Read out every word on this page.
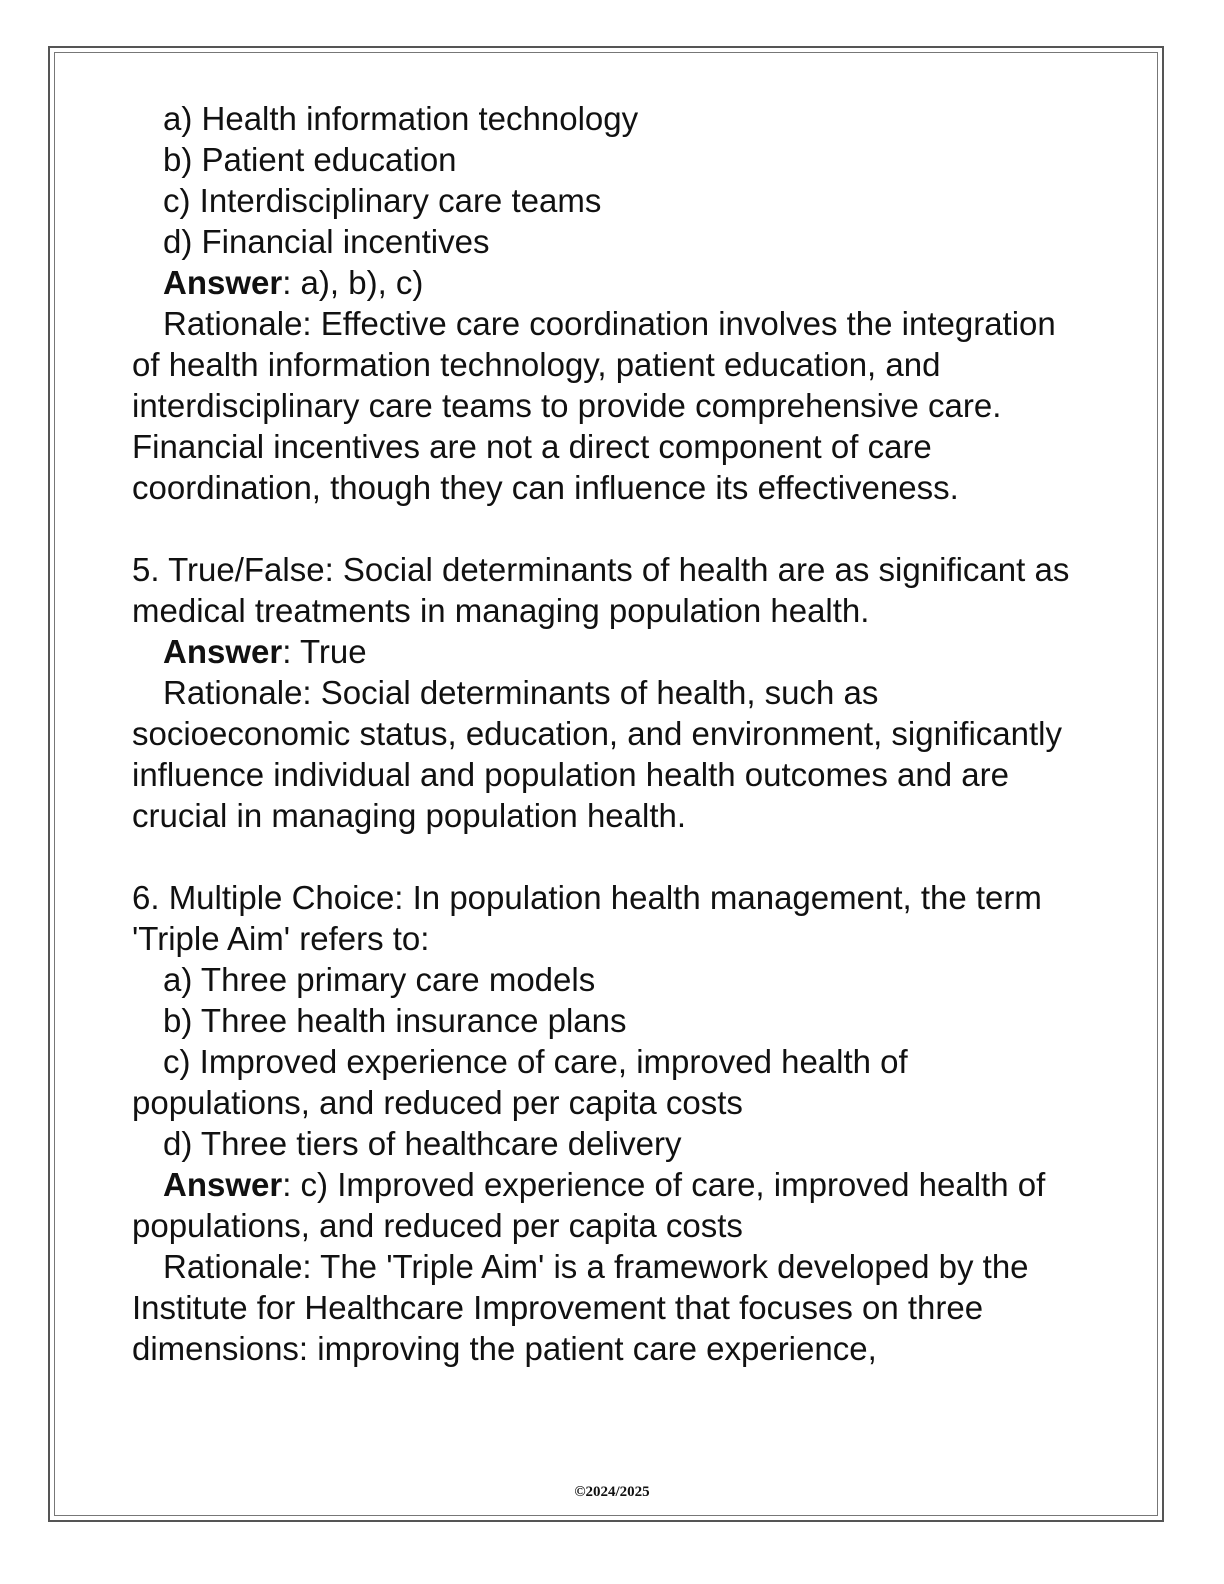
a) Health information technology

b) Patient education

c) Interdisciplinary care teams

d) Financial incentives

Answer: a), b), c)

Rationale: Effective care coordination involves the integration of health information technology, patient education, and interdisciplinary care teams to provide comprehensive care. Financial incentives are not a direct component of care coordination, though they can influence its effectiveness.

5. True/False: Social determinants of health are as significant as medical treatments in managing population health.

Answer: True

Rationale: Social determinants of health, such as socioeconomic status, education, and environment, significantly influence individual and population health outcomes and are crucial in managing population health.

6. Multiple Choice: In population health management, the term 'Triple Aim' refers to:

a) Three primary care models

b) Three health insurance plans

c) Improved experience of care, improved health of populations, and reduced per capita costs

d) Three tiers of healthcare delivery

Answer: c) Improved experience of care, improved health of populations, and reduced per capita costs

Rationale: The 'Triple Aim' is a framework developed by the Institute for Healthcare Improvement that focuses on three dimensions: improving the patient care experience,

©2024/2025
